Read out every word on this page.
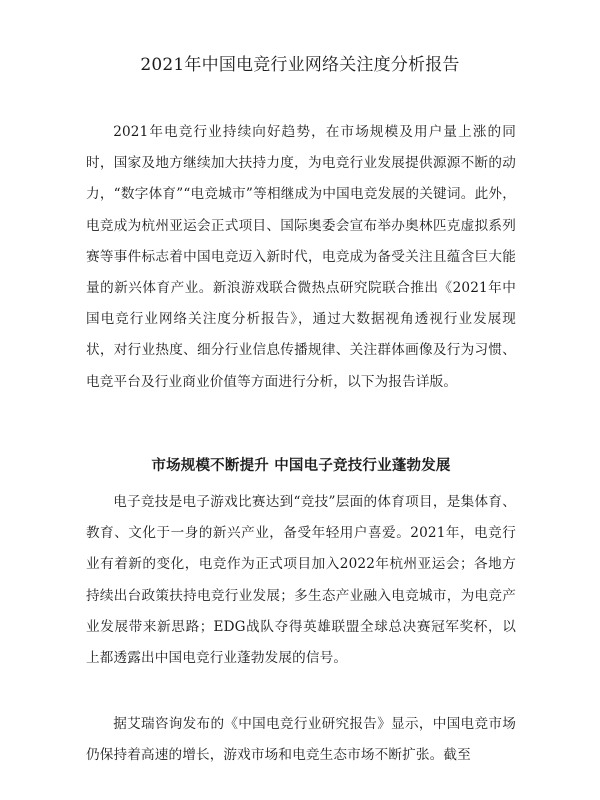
2021年中国电竞行业网络关注度分析报告

2021年电竞行业持续向好趋势，在市场规模及用户量上涨的同时，国家及地方继续加大扶持力度，为电竞行业发展提供源源不断的动力，“数字体育”“电竞城市”等相继成为中国电竞发展的关键词。此外，电竞成为杭州亚运会正式项目、国际奥委会宣布举办奥林匹克虚拟系列赛等事件标志着中国电竞迈入新时代，电竞成为备受关注且蕴含巨大能量的新兴体育产业。新浪游戏联合微热点研究院联合推出《2021年中国电竞行业网络关注度分析报告》，通过大数据视角透视行业发展现状，对行业热度、细分行业信息传播规律、关注群体画像及行为习惯、电竞平台及行业商业价值等方面进行分析，以下为报告详版。

市场规模不断提升 中国电子竞技行业蓬勃发展

电子竞技是电子游戏比赛达到“竞技”层面的体育项目，是集体育、教育、文化于一身的新兴产业，备受年轻用户喜爱。2021年，电竞行业有着新的变化，电竞作为正式项目加入2022年杭州亚运会；各地方持续出台政策扶持电竞行业发展；多生态产业融入电竞城市，为电竞产业发展带来新思路；EDG战队夺得英雄联盟全球总决赛冠军奖杯，以上都透露出中国电竞行业蓬勃发展的信号。

据艾瑞咨询发布的《中国电竞行业研究报告》显示，中国电竞市场仍保持着高速的增长，游戏市场和电竞生态市场不断扩张。截至
